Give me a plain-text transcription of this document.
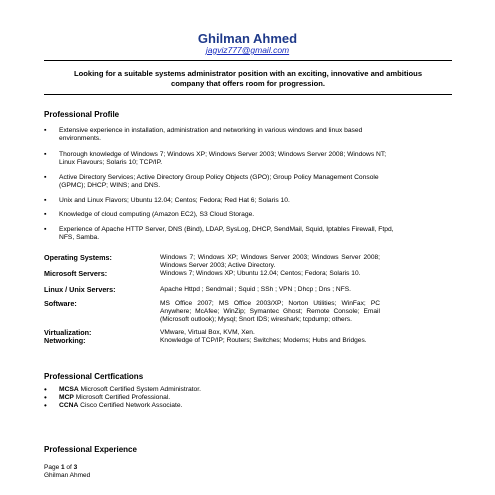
Ghilman Ahmed
jagviz777@gmail.com
Looking for a suitable systems administrator position with an exciting, innovative and ambitious company that offers room for progression.
Professional Profile
▪ Extensive experience in installation, administration and networking in various windows and linux based environments.
▪ Thorough knowledge of Windows 7; Windows XP; Windows Server 2003; Windows Server 2008; Windows NT; Linux Flavours; Solaris 10; TCP/IP.
▪ Active Directory Services; Active Directory Group Policy Objects (GPO); Group Policy Management Console (GPMC); DHCP; WINS; and DNS.
▪ Unix and Linux Flavors; Ubuntu 12.04; Centos; Fedora; Red Hat 6; Solaris 10.
▪ Knowledge of cloud computing (Amazon EC2), S3 Cloud Storage.
▪ Experience of Apache HTTP Server, DNS (Bind), LDAP, SysLog, DHCP, SendMail, Squid, Iptables Firewall, Ftpd, NFS, Samba.
Operating Systems:	Windows 7; Windows XP; Windows Server 2003; Windows Server 2008; Windows Server 2003; Active Directory.
Microsoft Servers:	Windows 7; Windows XP; Ubuntu 12.04; Centos; Fedora; Solaris 10.
Linux / Unix Servers:	Apache Httpd ; Sendmail ; Squid ; SSh ; VPN ; Dhcp ; Dns ; NFS.
Software:	MS Office 2007; MS Office 2003/XP; Norton Utilities; WinFax; PC Anywhere; McAfee; WinZip; Symantec Ghost; Remote Console; Email (Microsoft outlook); Mysql; Snort IDS; wireshark; tcpdump; others.
Virtualization:	VMware, Virtual Box, KVM, Xen.
Networking:	Knowledge of TCP/IP; Routers; Switches; Modems; Hubs and Bridges.
Professional Certfications
• MCSA Microsoft Certified System Administrator.
• MCP Microsoft Certified Professional.
• CCNA Cisco Certified Network Associate.
Professional Experience
Page 1 of 3
Ghilman Ahmed
